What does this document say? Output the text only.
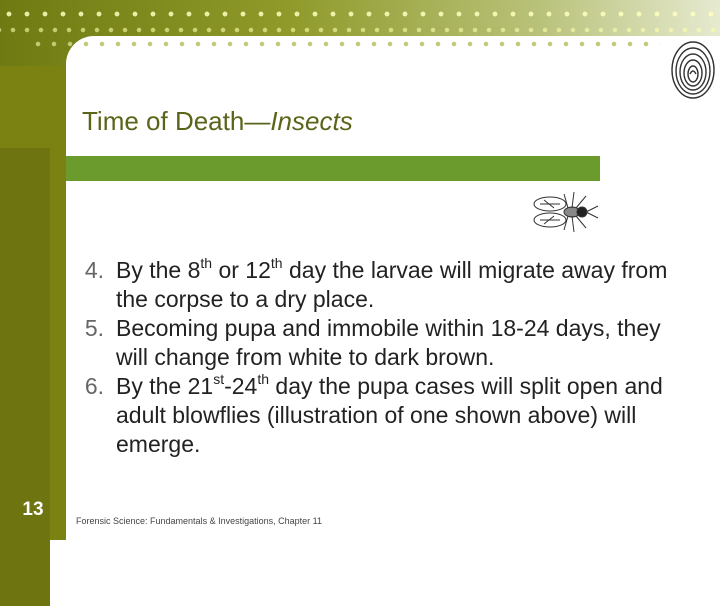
13
Time of Death—Insects
4. By the 8th or 12th day the larvae will migrate away from the corpse to a dry place.
5. Becoming pupa and immobile within 18-24 days, they will change from white to dark brown.
6. By the 21st-24th day the pupa cases will split open and adult blowflies (illustration of one shown above) will emerge.
Forensic Science: Fundamentals & Investigations, Chapter 11
